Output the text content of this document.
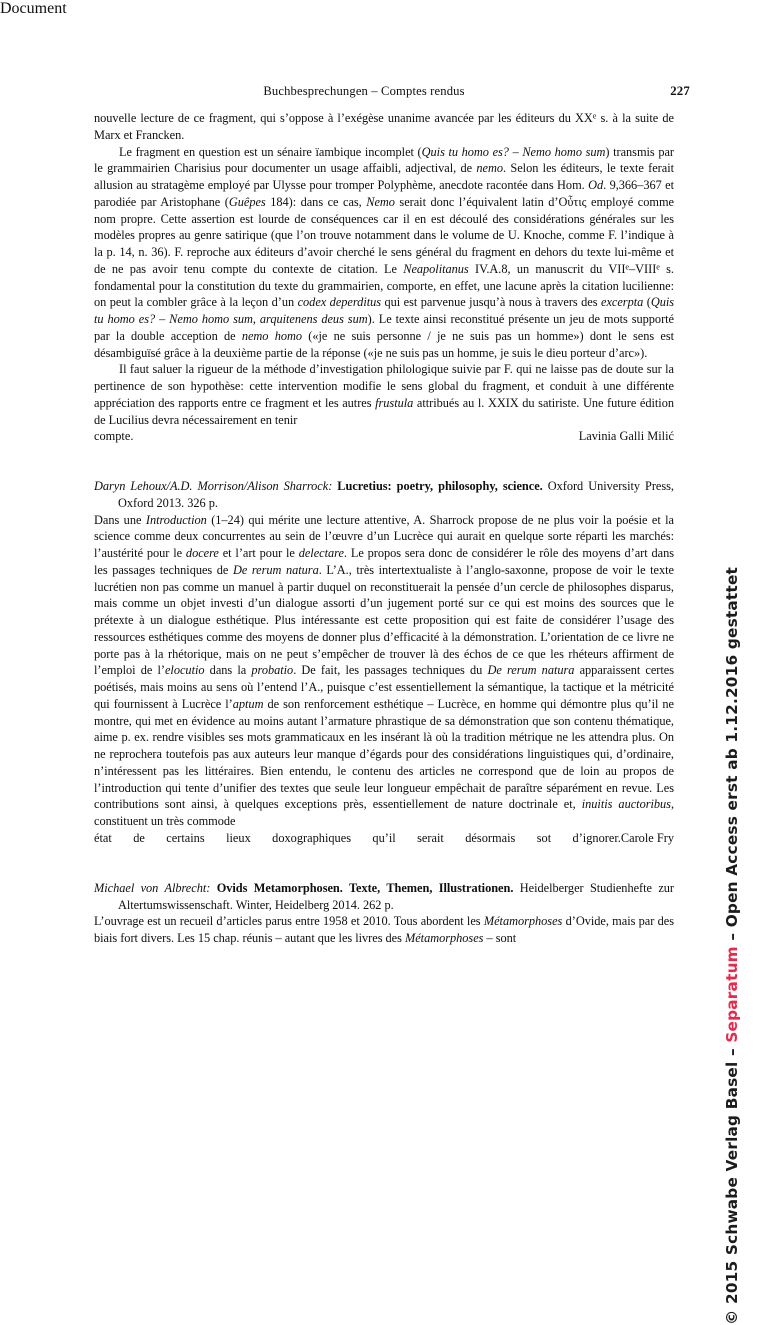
Buchbesprechungen – Comptes rendus	227

nouvelle lecture de ce fragment, qui s’oppose à l’exégèse unanime avancée par les éditeurs du XXe s. à la suite de Marx et Francken.

Le fragment en question est un sénaire ïambique incomplet (Quis tu homo es? – Nemo homo sum) transmis par le grammairien Charisius pour documenter un usage affaibli, adjectival, de nemo. Selon les éditeurs, le texte ferait allusion au stratagème employé par Ulysse pour tromper Polyphème, anecdote racontée dans Hom. Od. 9,366–367 et parodiée par Aristophane (Guêpes 184): dans ce cas, Nemo serait donc l’équivalent latin d’Οὖτις employé comme nom propre. Cette assertion est lourde de conséquences car il en est découlé des considérations générales sur les modèles propres au genre satirique (que l’on trouve notamment dans le volume de U. Knoche, comme F. l’indique à la p. 14, n. 36). F. reproche aux éditeurs d’avoir cherché le sens général du fragment en dehors du texte lui-même et de ne pas avoir tenu compte du contexte de citation. Le Neapolitanus IV.A.8, un manuscrit du VIIe–VIIIe s. fondamental pour la constitution du texte du grammairien, comporte, en effet, une lacune après la citation lucilienne: on peut la combler grâce à la leçon d’un codex deperditus qui est parvenue jusqu’à nous à travers des excerpta (Quis tu homo es? – Nemo homo sum, arquitenens deus sum). Le texte ainsi reconstitué présente un jeu de mots supporté par la double acception de nemo homo («je ne suis personne / je ne suis pas un homme») dont le sens est désambiguïsé grâce à la deuxième partie de la réponse («je ne suis pas un homme, je suis le dieu porteur d’arc»).

Il faut saluer la rigueur de la méthode d’investigation philologique suivie par F. qui ne laisse pas de doute sur la pertinence de son hypothèse: cette intervention modifie le sens global du fragment, et conduit à une différente appréciation des rapports entre ce fragment et les autres frustula attribués au l. XXIX du satiriste. Une future édition de Lucilius devra nécessairement en tenir

Lavinia Galli Milić
compte.

Daryn Lehoux/A.D. Morrison/Alison Sharrock: Lucretius: poetry, philosophy, science. Oxford University Press, Oxford 2013. 326 p.

Dans une Introduction (1–24) qui mérite une lecture attentive, A. Sharrock propose de ne plus voir la poésie et la science comme deux concurrentes au sein de l’œuvre d’un Lucrèce qui aurait en quelque sorte réparti les marchés: l’austérité pour le docere et l’art pour le delectare. Le propos sera donc de considérer le rôle des moyens d’art dans les passages techniques de De rerum natura. L’A., très intertextualiste à l’anglo-saxonne, propose de voir le texte lucrétien non pas comme un manuel à partir duquel on reconstituerait la pensée d’un cercle de philosophes disparus, mais comme un objet investi d’un dialogue assorti d’un jugement porté sur ce qui est moins des sources que le prétexte à un dialogue esthétique. Plus intéressante est cette proposition qui est faite de considérer l’usage des ressources esthétiques comme des moyens de donner plus d’efficacité à la démonstration. L’orientation de ce livre ne porte pas à la rhétorique, mais on ne peut s’empêcher de trouver là des échos de ce que les rhéteurs affirment de l’emploi de l’elocutio dans la probatio. De fait, les passages techniques du De rerum natura apparaissent certes poétisés, mais moins au sens où l’entend l’A., puisque c’est essentiellement la sémantique, la tactique et la métricité qui fournissent à Lucrèce l’aptum de son renforcement esthétique – Lucrèce, en homme qui démontre plus qu’il ne montre, qui met en évidence au moins autant l’armature phrastique de sa démonstration que son contenu thématique, aime p. ex. rendre visibles ses mots grammaticaux en les insérant là où la tradition métrique ne les attendra plus. On ne reprochera toutefois pas aux auteurs leur manque d’égards pour des considérations linguistiques qui, d’ordinaire, n’intéressent pas les littéraires. Bien entendu, le contenu des articles ne correspond que de loin au propos de l’introduction qui tente d’unifier des textes que seule leur longueur empêchait de paraître séparément en revue. Les contributions sont ainsi, à quelques exceptions près, essentiellement de nature doctrinale et, inuitis auctoribus, constituent un très commode

Carole Fry
état de certains lieux doxographiques qu’il serait désormais sot d’ignorer.

Michael von Albrecht: Ovids Metamorphosen. Texte, Themen, Illustrationen. Heidelberger Studienhefte zur Altertumswissenschaft. Winter, Heidelberg 2014. 262 p.

L’ouvrage est un recueil d’articles parus entre 1958 et 2010. Tous abordent les Métamorphoses d’Ovide, mais par des biais fort divers. Les 15 chap. réunis – autant que les livres des Métamorphoses – sont

© 2015 Schwabe Verlag Basel – Separatum – Open Access erst ab 1.12.2016 gestattet
Document
